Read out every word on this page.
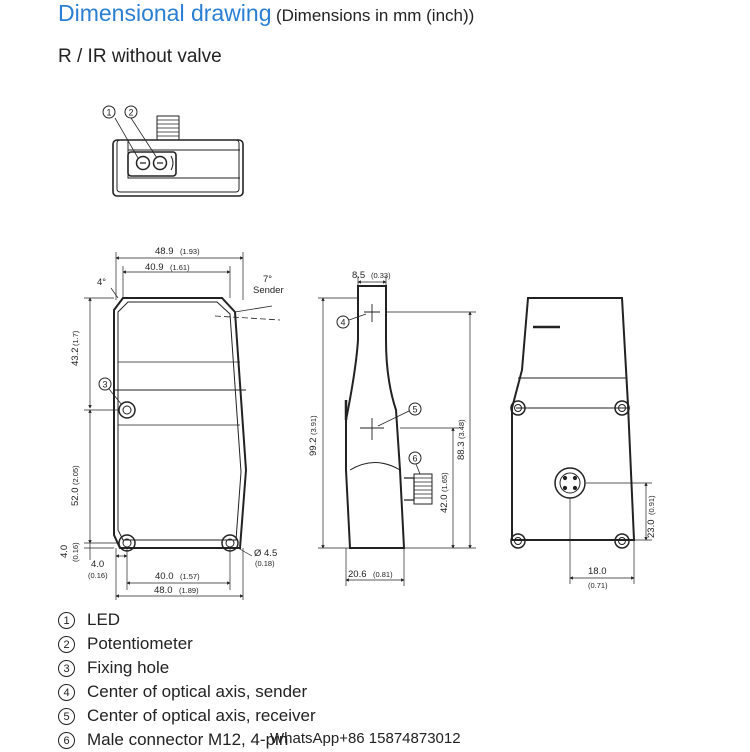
Dimensional drawing (Dimensions in mm (inch))
R / IR without valve
1 2
3
48.9 (1.93)
40.9 (1.61)
4°	7°
Sender
43.2
(1.7)
52.0
(2.05)
4.0 (0.16)
4.0
(0.16)	40.0 (1.57)
48.0 (1.89)
Ø 4.5
(0.18)
4
5
6
8.5 (0.33)
99.2
(3.91)
88.3
(3.48)
42.0
(1.65)
20.6 (0.81)
23.0
(0.91)
18.0
(0.71)
1	LED
2	Potentiometer
3	Fixing hole
4	Center of optical axis, sender
5	Center of optical axis, receiver
6	Male connector M12, 4-pin
WhatsApp+86 15874873012
